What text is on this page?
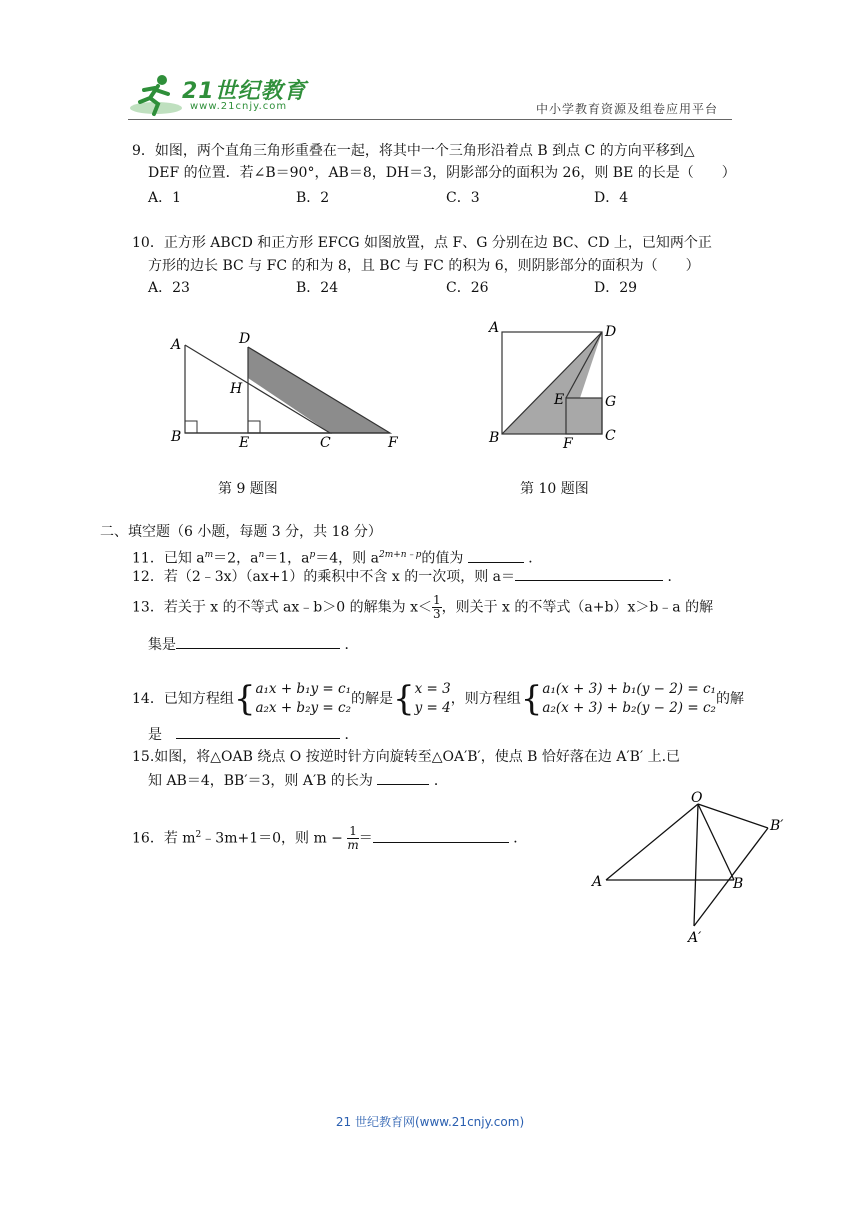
21世纪教育
www.21cnjy.com	中小学教育资源及组卷应用平台
9．如图，两个直角三角形重叠在一起，将其中一个三角形沿着点 B 到点 C 的方向平移到△
DEF 的位置．若∠B＝90°，AB＝8，DH＝3，阴影部分的面积为 26，则 BE 的长是（　　）
A．1	B．2	C．3	D．4
10．正方形 ABCD 和正方形 EFCG 如图放置，点 F、G 分别在边 BC、CD 上，已知两个正
方形的边长 BC 与 FC 的和为 8，且 BC 与 FC 的积为 6，则阴影部分的面积为（　　）
A．23	B．24	C．26	D．29
A	D
H
B	E	C	F
第 9 题图
A	D
E	G
B	F C
第 10 题图
二、填空题（6 小题，每题 3 分，共 18 分）
11．已知 $a^m=2$，$a^n=1$，$a^p=4$，则 $a^{2m+n﹣p}$的值为	．
12．若（2﹣3x）（ax+1）的乘积中不含 x 的一次项，则 a＝	．
13．若关于 x 的不等式 ax﹣b＞0 的解集为 $x< \frac{1}{3}$ ，则关于 x 的不等式（a+b）x＞b﹣a 的解
集是	．
14．已知方程组{ a₁x + b₁y = c₁
a₂x + b₂y = c₂
的解是{ x = 3
y = 4
，则方程组{ a₁(x + 3) + b₁(y − 2) = c₁
a₂(x + 3) + b₂(y − 2) = c₂
的解
是　	．
15.如图，将△OAB 绕点 O 按逆时针方向旋转至△OA′B′，使点 B 恰好落在边 A′B′ 上.已
知 AB＝4，BB′＝3，则 A′B 的长为	．
16．若 $m^2﹣3m+1=0$，则 $m - \frac{1}{m}$ ＝	．
O
B′
A	B
A′
21 世纪教育网(www.21cnjy.com)
